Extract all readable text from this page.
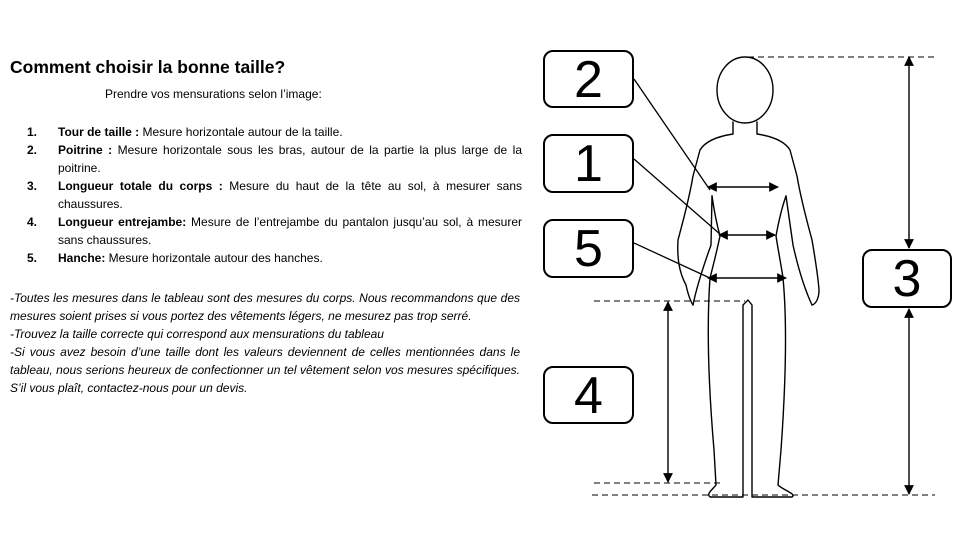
Comment choisir la bonne taille?
Prendre vos mensurations selon l’image:
1. Tour de taille : Mesure horizontale autour de la taille.
2. Poitrine : Mesure horizontale sous les bras, autour de la partie la plus large de la poitrine.
3. Longueur totale du corps : Mesure du haut de la tête au sol, à mesurer sans chaussures.
4. Longueur entrejambe: Mesure de l’entrejambe du pantalon jusqu’au sol, à mesurer sans chaussures.
5. Hanche: Mesure horizontale autour des hanches.

-Toutes les mesures dans le tableau sont des mesures du corps. Nous recommandons que des mesures soient prises si vous portez des vêtements légers, ne mesurez pas trop serré.

-Trouvez la taille correcte qui correspond aux mensurations du tableau

-Si vous avez besoin d’une taille dont les valeurs deviennent de celles mentionnées dans le tableau, nous serions heureux de confectionner un tel vêtement selon vos mesures spécifiques. S’il vous plaît, contactez-nous pour un devis.

2
1
5
4
3
